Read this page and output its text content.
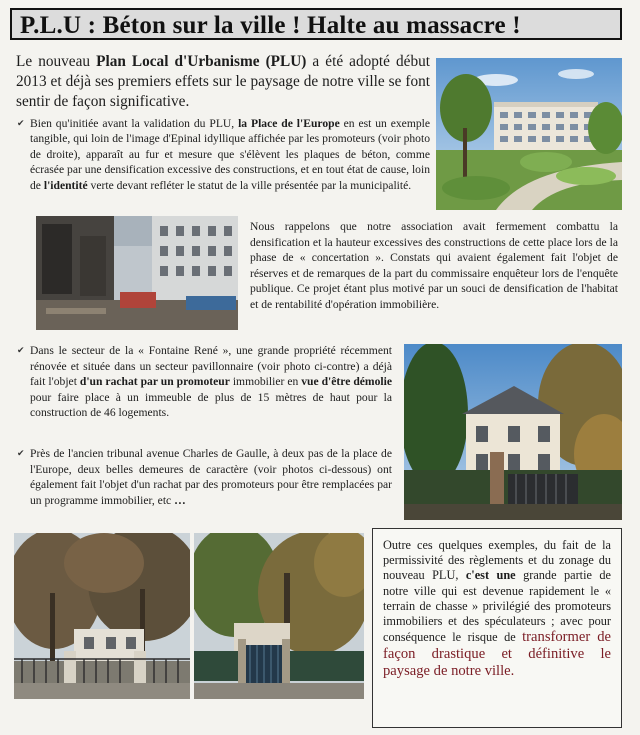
P.L.U : Béton sur la ville ! Halte au massacre !
Le nouveau Plan Local d'Urbanisme (PLU) a été adopté début 2013 et déjà ses premiers effets sur le paysage de notre ville se font sentir de façon significative.
✔ Bien qu'initiée avant la validation du PLU, la Place de l'Europe en est un exemple tangible, qui loin de l'image d'Epinal idyllique affichée par les promoteurs (voir photo de droite), apparaît au fur et mesure que s'élèvent les plaques de béton, comme écrasée par une densification excessive des constructions, et en tout état de cause, loin de l'identité verte devant refléter le statut de la ville présentée par la municipalité.
Nous rappelons que notre association avait fermement combattu la densification et la hauteur excessives des constructions de cette place lors de la phase de « concertation ». Constats qui avaient également fait l'objet de réserves et de remarques de la part du commissaire enquêteur lors de l'enquête publique. Ce projet étant plus motivé par un souci de densification de l'habitat et de rentabilité d'opération immobilière.
✔ Dans le secteur de la « Fontaine René », une grande propriété récemment rénovée et située dans un secteur pavillonnaire (voir photo ci-contre) a déjà fait l'objet d'un rachat par un promoteur immobilier en vue d'être démolie pour faire place à un immeuble de plus de 15 mètres de haut pour la construction de 46 logements.
✔ Près de l'ancien tribunal avenue Charles de Gaulle, à deux pas de la place de l'Europe, deux belles demeures de caractère (voir photos ci-dessous) ont également fait l'objet d'un rachat par des promoteurs pour être remplacées par un programme immobilier, etc …
Outre ces quelques exemples, du fait de la permissivité des règlements et du zonage du nouveau PLU, c'est une grande partie de notre ville qui est devenue rapidement le « terrain de chasse » privilégié des promoteurs immobiliers et des spéculateurs ; avec pour conséquence le risque de transformer de façon drastique et définitive le paysage de notre ville.
